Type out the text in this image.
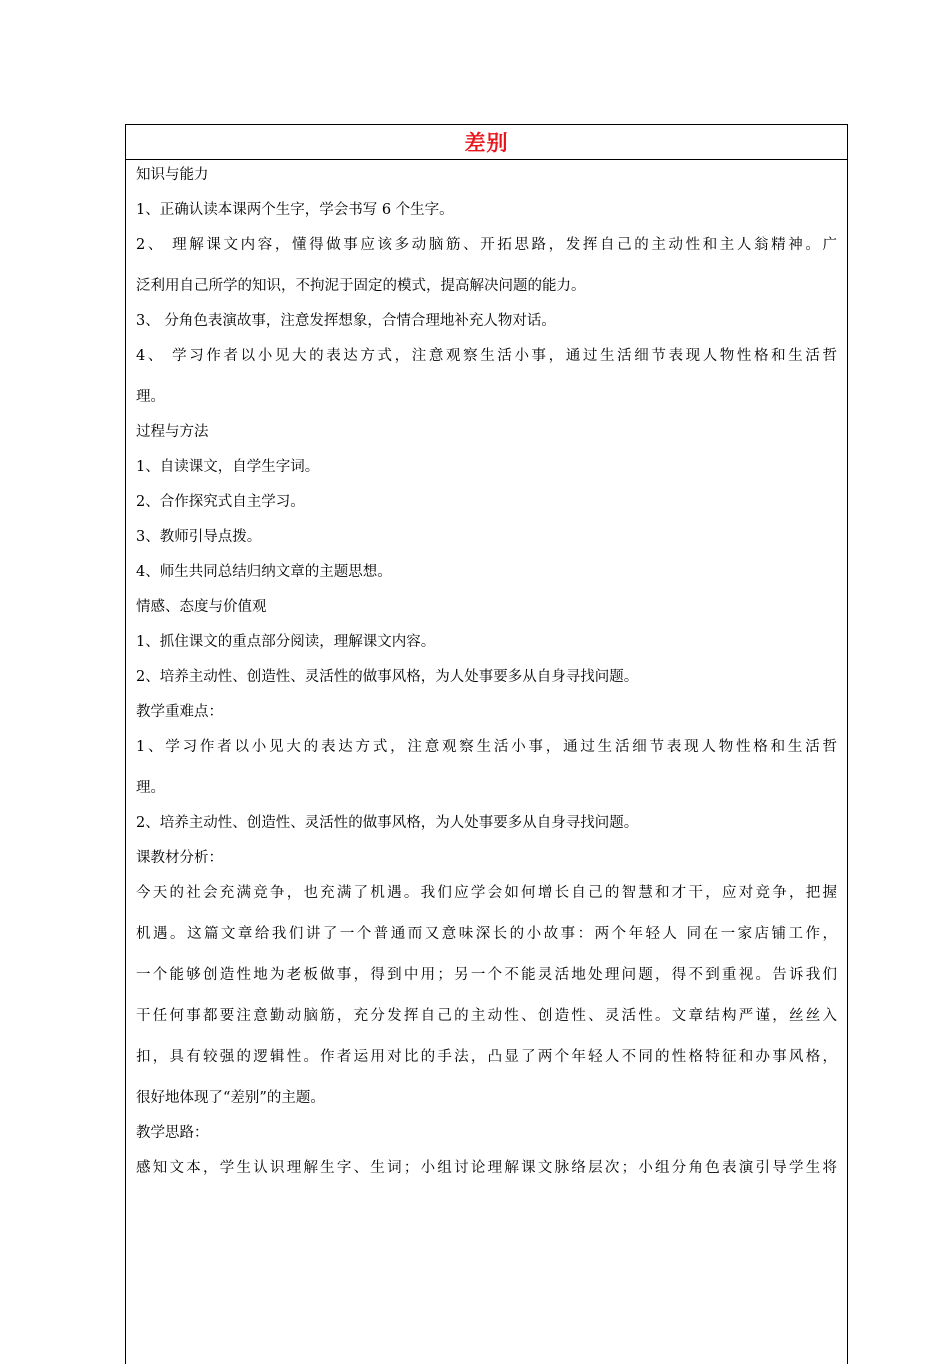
差别
知识与能力
1、正确认读本课两个生字，学会书写 6 个生字。
2、 理解课文内容，懂得做事应该多动脑筋、开拓思路，发挥自己的主动性和主人翁精神。广
泛利用自己所学的知识，不拘泥于固定的模式，提高解决问题的能力。
3、 分角色表演故事，注意发挥想象，合情合理地补充人物对话。
4、 学习作者以小见大的表达方式，注意观察生活小事，通过生活细节表现人物性格和生活哲
理。
过程与方法
1、自读课文，自学生字词。
2、合作探究式自主学习。
3、教师引导点拨。
4、师生共同总结归纳文章的主题思想。
情感、态度与价值观
1、抓住课文的重点部分阅读，理解课文内容。
2、培养主动性、创造性、灵活性的做事风格，为人处事要多从自身寻找问题。
教学重难点：
1、学习作者以小见大的表达方式，注意观察生活小事，通过生活细节表现人物性格和生活哲
理。
2、培养主动性、创造性、灵活性的做事风格，为人处事要多从自身寻找问题。
课教材分析：
今天的社会充满竞争，也充满了机遇。我们应学会如何增长自己的智慧和才干，应对竞争，把握
机遇。这篇文章给我们讲了一个普通而又意味深长的小故事：两个年轻人 同在一家店铺工作，
一个能够创造性地为老板做事，得到中用；另一个不能灵活地处理问题，得不到重视。告诉我们
干任何事都要注意勤动脑筋，充分发挥自己的主动性、创造性、灵活性。文章结构严谨，丝丝入
扣，具有较强的逻辑性。作者运用对比的手法，凸显了两个年轻人不同的性格特征和办事风格，
很好地体现了“差别”的主题。
教学思路：
感知文本，学生认识理解生字、生词；小组讨论理解课文脉络层次；小组分角色表演引导学生将
